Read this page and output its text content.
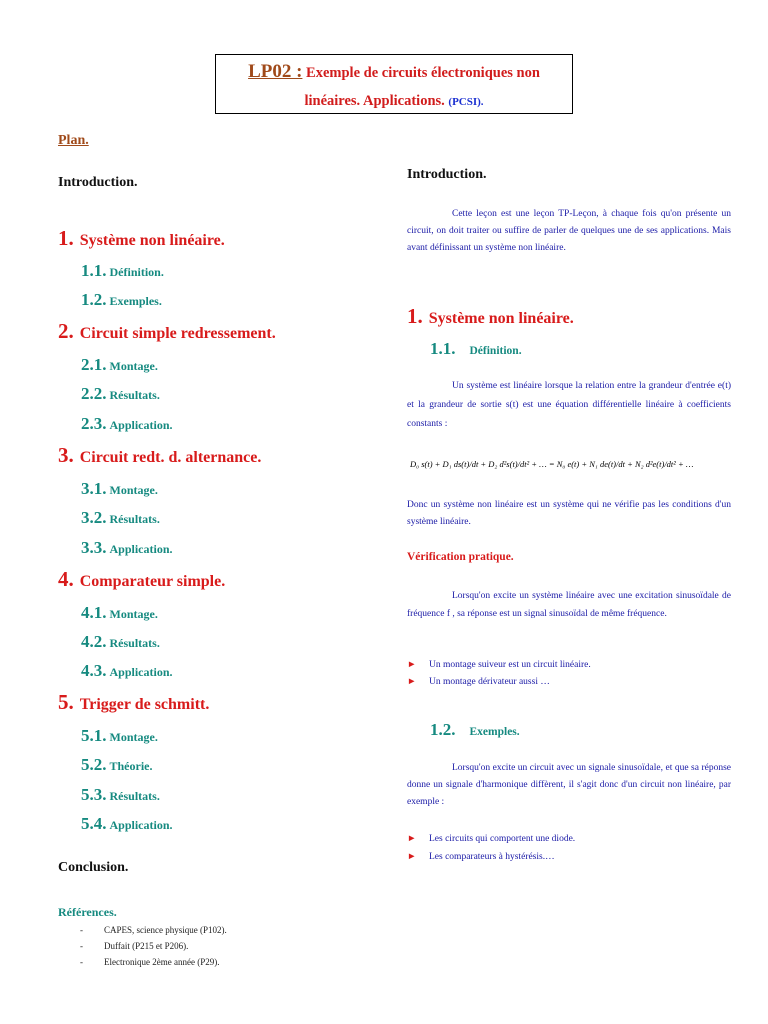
LP02 : Exemple de circuits électroniques non
linéaires. Applications. (PCSI).
Plan.
Introduction.
1. Système non linéaire.
1.1. Définition.
1.2. Exemples.
2. Circuit simple redressement.
2.1. Montage.
2.2. Résultats.
2.3. Application.
3. Circuit redt. d. alternance.
3.1. Montage.
3.2. Résultats.
3.3. Application.
4. Comparateur simple.
4.1. Montage.
4.2. Résultats.
4.3. Application.
5. Trigger de schmitt.
5.1. Montage.
5.2. Théorie.
5.3. Résultats.
5.4. Application.
Conclusion.
Références.
- CAPES, science physique (P102).
- Duffait (P215 et P206).
- Electronique 2ème année (P29).
Introduction.

Cette leçon est une leçon TP-Leçon, à chaque fois qu'on présente un circuit, on doit traiter ou suffire de parler de quelques une de ses applications. Mais avant définissant un système non linéaire.

1. Système non linéaire.
1.1. Définition.

Un système est linéaire lorsque la relation entre la grandeur d'entrée e(t) et la grandeur de sortie s(t) est une équation différentielle linéaire à coefficients constants :

D₀ s(t) + D₁ ds(t)/dt + D₂ d²s(t)/dt² + … = N₀ e(t) + N₁ de(t)/dt + N₂ d²e(t)/dt² + …

Donc un système non linéaire est un système qui ne vérifie pas les conditions d'un système linéaire.

Vérification pratique.

Lorsqu'on excite un système linéaire avec une excitation sinusoïdale de fréquence f , sa réponse est un signal sinusoïdal de même fréquence.

► Un montage suiveur est un circuit linéaire.
► Un montage dérivateur aussi …
1.2. Exemples.

Lorsqu'on excite un circuit avec un signale sinusoïdale, et que sa réponse donne un signale d'harmonique diffèrent, il s'agit donc d'un circuit non linéaire, par exemple :

► Les circuits qui comportent une diode.
► Les comparateurs à hystérésis.…
